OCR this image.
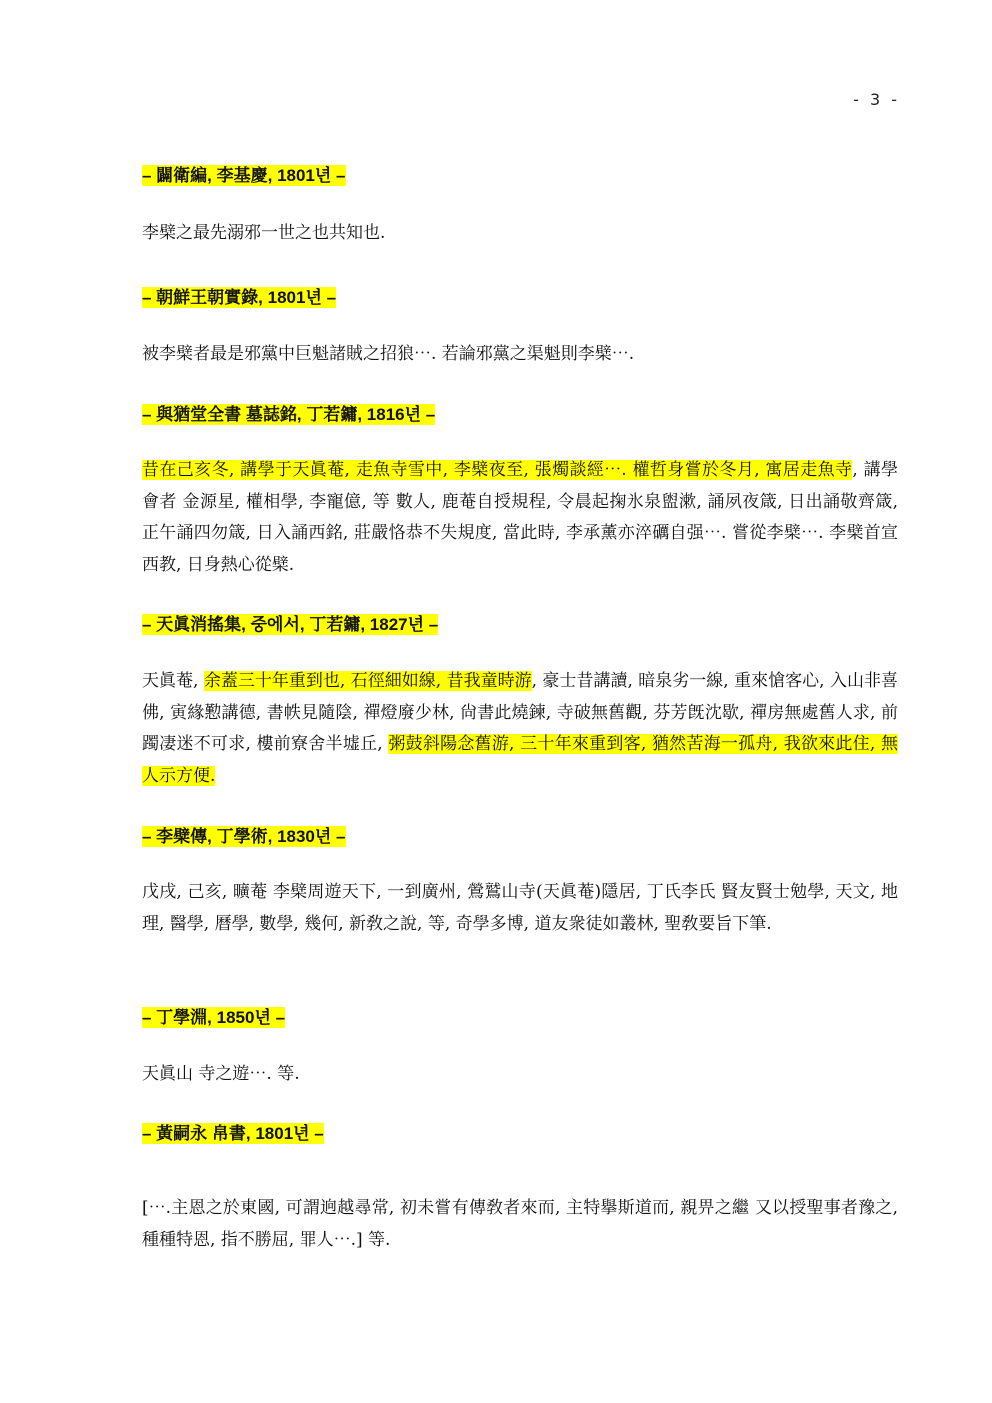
- 3 -
– 闢衛編, 李基慶, 1801년 –
李檗之最先溺邪一世之也共知也.
– 朝鮮王朝實錄, 1801년 –
被李檗者最是邪黨中巨魁諸賊之招狼⋯. 若論邪黨之渠魁則李檗⋯.
– 與猶堂全書 墓誌銘, 丁若鏞, 1816년 –
昔在己亥冬, 講學于天眞菴, 走魚寺雪中, 李檗夜至, 張燭談經⋯. 權哲身嘗於冬月, 寓居走魚寺, 講學 會者 金源星, 權相學, 李寵億, 等 數人, 鹿菴自授規程, 令晨起掬氷泉盥漱, 誦夙夜箴, 日出誦敬齊箴, 正午誦四勿箴, 日入誦西銘, 莊嚴恪恭不失規度, 當此時, 李承薰亦淬礪自强⋯. 嘗從李檗⋯. 李檗首宣西教, 日身熱心從檗.
– 天眞消搖集, 중에서, 丁若鏞, 1827년 –
天眞菴, 余蓋三十年重到也, 石徑細如線, 昔我童時游, 豪士昔講讀, 暗泉劣一線, 重來愴客心, 入山非喜佛, 寅緣懃講德, 書帙見隨陰, 禪燈廢少林, 尙書此燒鍊, 寺破無舊觀, 芬芳旣沈歇, 禪房無處舊人求, 前躅凄迷不可求, 樓前寮舍半墟丘, 粥鼓斜陽念舊游, 三十年來重到客, 猶然苦海一孤舟, 我欲來此住, 無人示方便.
– 李檗傳, 丁學術, 1830년 –
戊戌, 己亥, 曠菴 李檗周遊天下, 一到廣州, 鶯鷲山寺(天眞菴)隱居, 丁氏李氏 賢友賢士勉學, 天文, 地理, 醫學, 曆學, 數學, 幾何, 新敎之說, 等, 奇學多博, 道友衆徒如叢林, 聖敎要旨下筆.
– 丁學淵, 1850년 –
天眞山 寺之遊⋯. 等.
– 黃嗣永 帛書, 1801년 –
[⋯.主恩之於東國, 可謂逈越尋常, 初未嘗有傳敎者來而, 主特擧斯道而, 親畀之繼 又以授聖事者豫之, 種種特恩, 指不勝屈, 罪人⋯.] 等.
